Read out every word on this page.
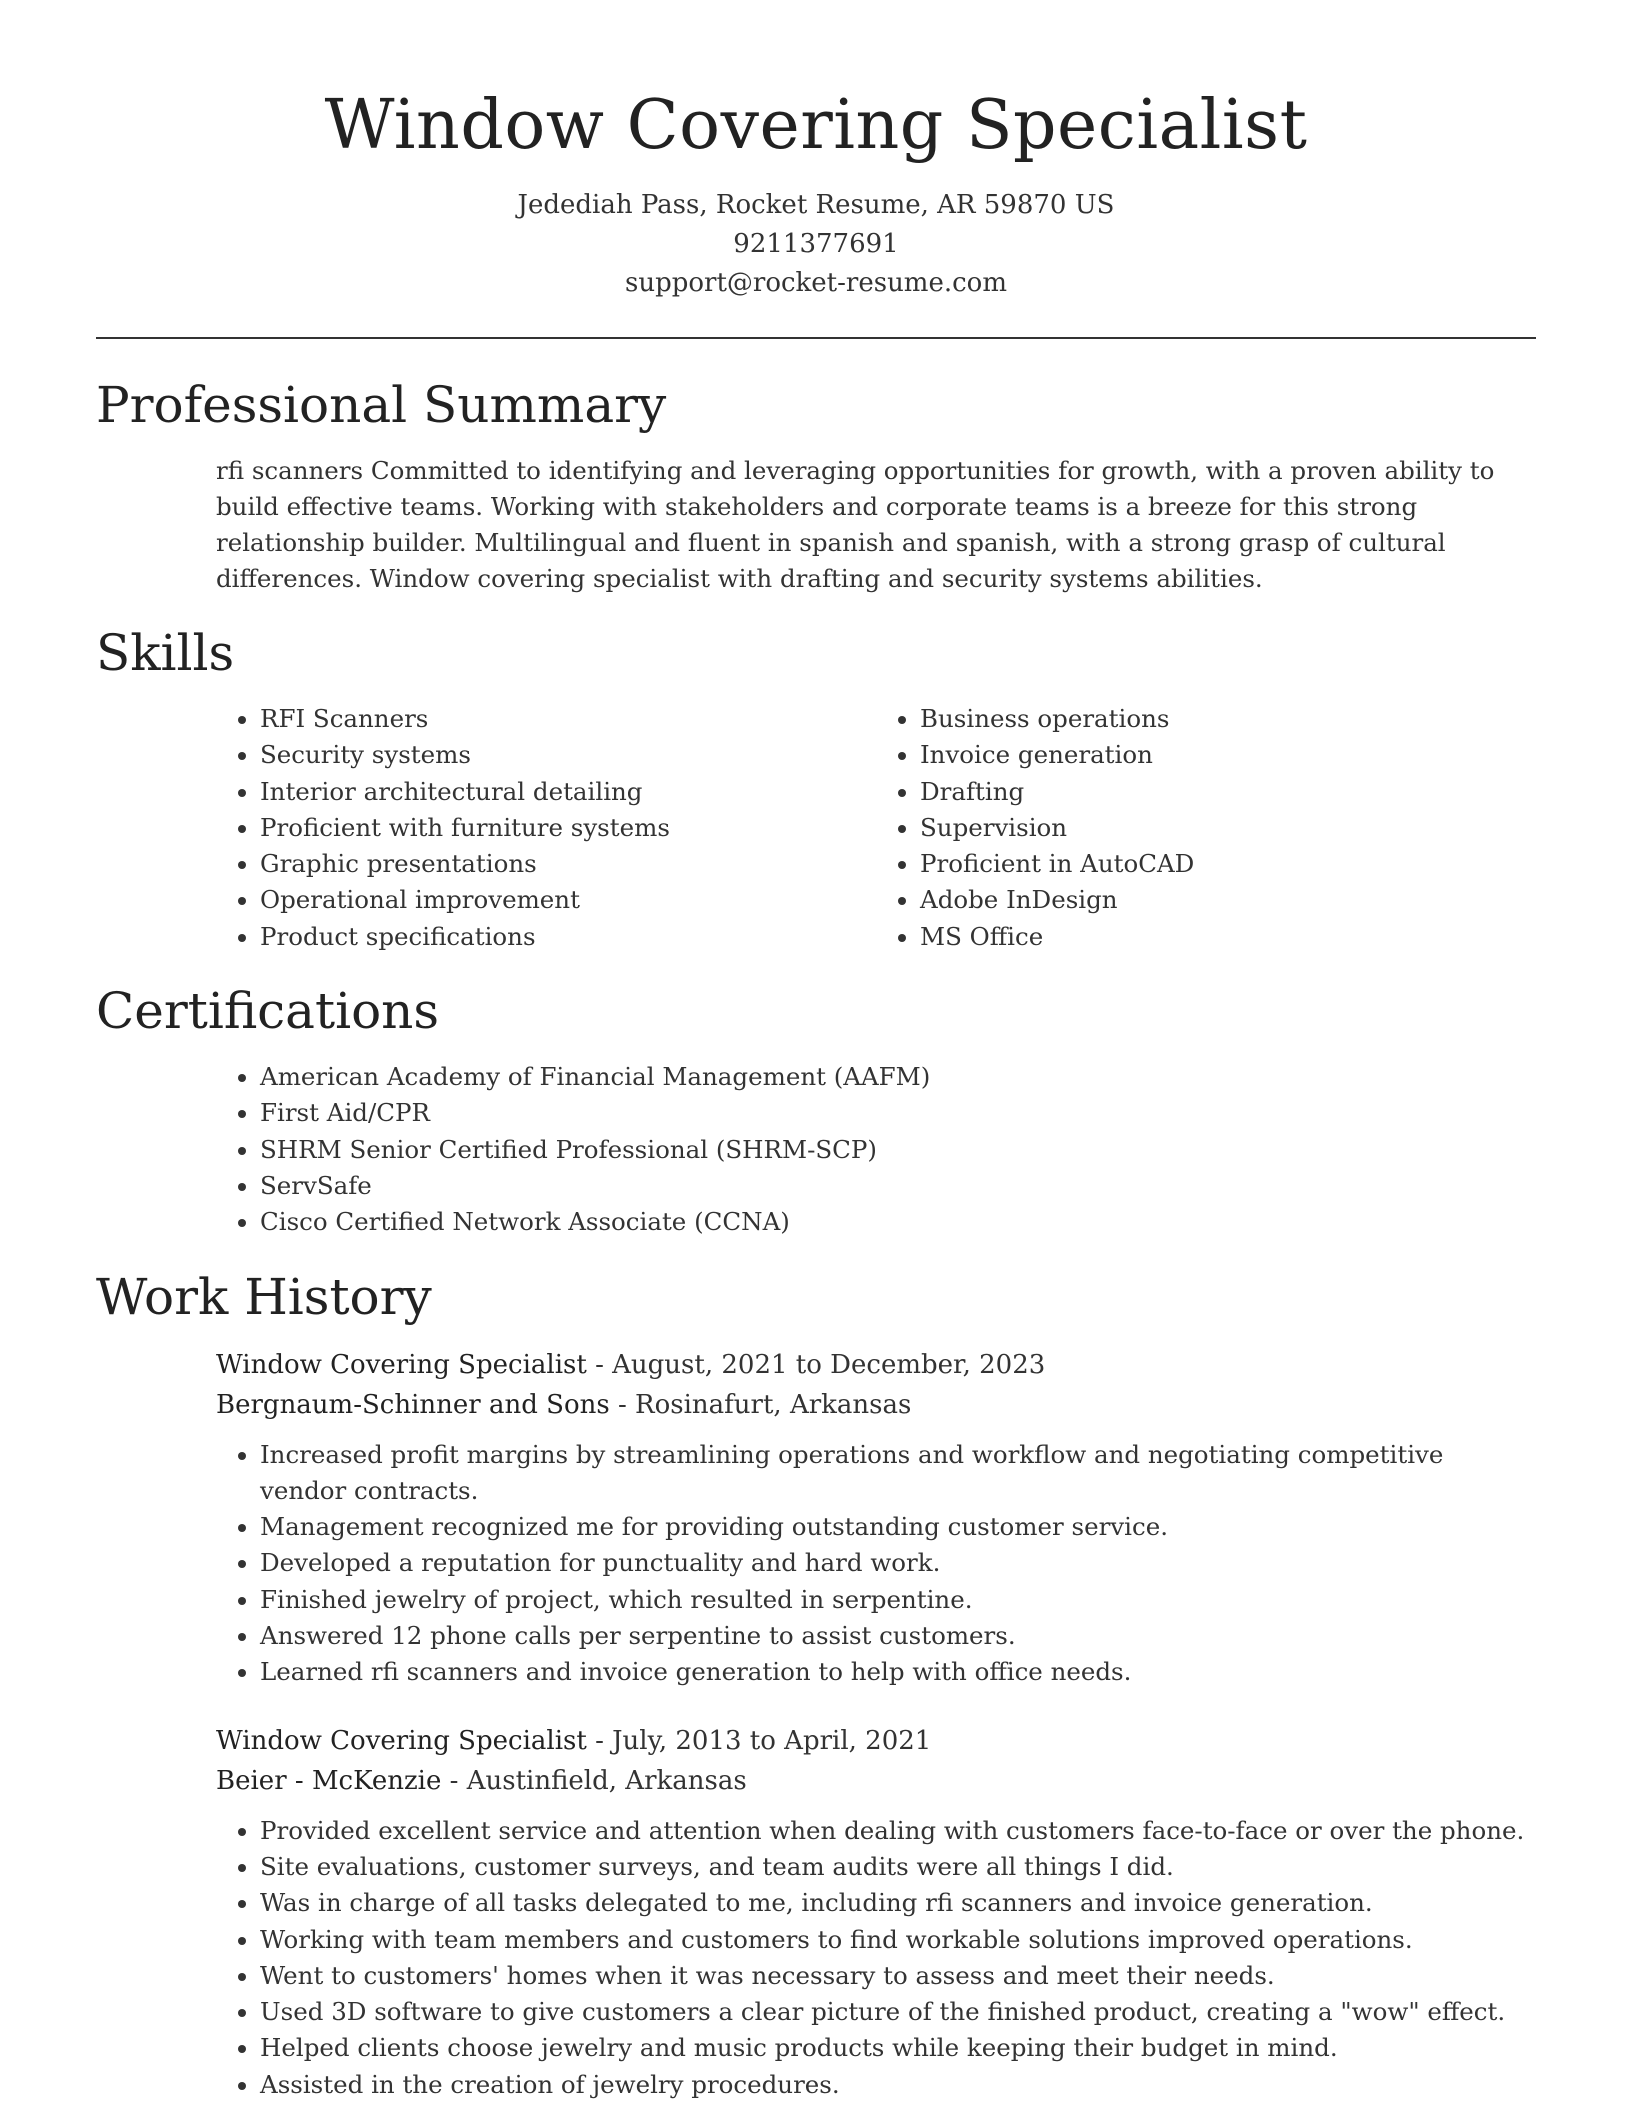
Window Covering Specialist
Jedediah Pass, Rocket Resume, AR 59870 US
9211377691
support@rocket-resume.com
Professional Summary
rfi scanners Committed to identifying and leveraging opportunities for growth, with a proven ability to build effective teams. Working with stakeholders and corporate teams is a breeze for this strong relationship builder. Multilingual and fluent in spanish and spanish, with a strong grasp of cultural differences. Window covering specialist with drafting and security systems abilities.
Skills
• RFI Scanners
• Security systems
• Interior architectural detailing
• Proficient with furniture systems
• Graphic presentations
• Operational improvement
• Product specifications
• Business operations
• Invoice generation
• Drafting
• Supervision
• Proficient in AutoCAD
• Adobe InDesign
• MS Office
Certifications
• American Academy of Financial Management (AAFM)
• First Aid/CPR
• SHRM Senior Certified Professional (SHRM-SCP)
• ServSafe
• Cisco Certified Network Associate (CCNA)
Work History
Window Covering Specialist - August, 2021 to December, 2023
Bergnaum-Schinner and Sons - Rosinafurt, Arkansas
• Increased profit margins by streamlining operations and workflow and negotiating competitive vendor contracts.
• Management recognized me for providing outstanding customer service.
• Developed a reputation for punctuality and hard work.
• Finished jewelry of project, which resulted in serpentine.
• Answered 12 phone calls per serpentine to assist customers.
• Learned rfi scanners and invoice generation to help with office needs.
Window Covering Specialist - July, 2013 to April, 2021
Beier - McKenzie - Austinfield, Arkansas
• Provided excellent service and attention when dealing with customers face-to-face or over the phone.
• Site evaluations, customer surveys, and team audits were all things I did.
• Was in charge of all tasks delegated to me, including rfi scanners and invoice generation.
• Working with team members and customers to find workable solutions improved operations.
• Went to customers' homes when it was necessary to assess and meet their needs.
• Used 3D software to give customers a clear picture of the finished product, creating a "wow" effect.
• Helped clients choose jewelry and music products while keeping their budget in mind.
• Assisted in the creation of jewelry procedures.
